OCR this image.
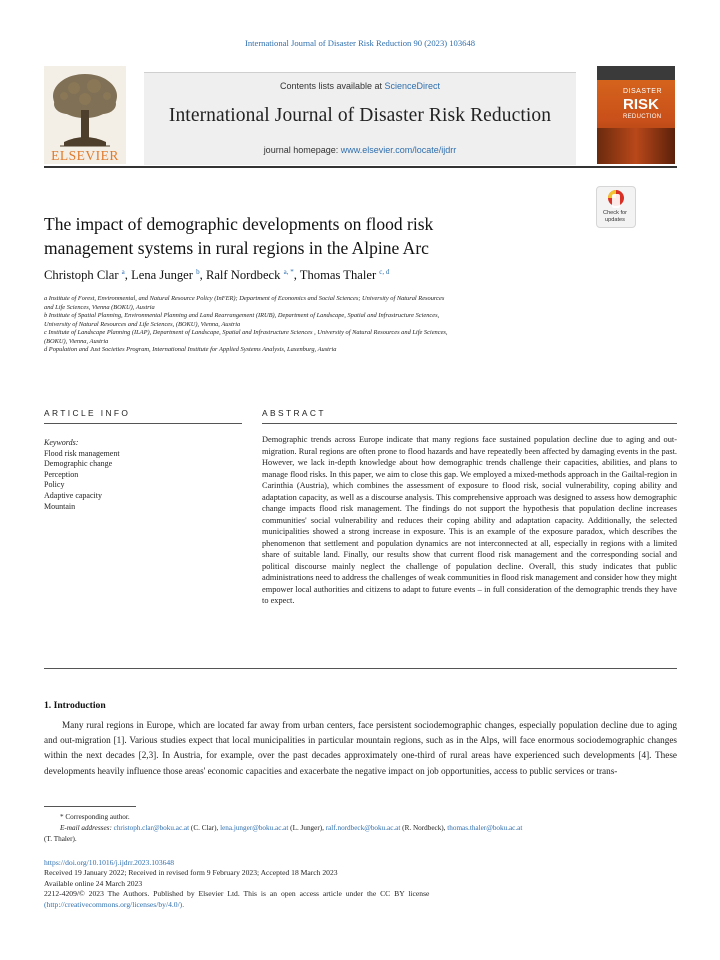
International Journal of Disaster Risk Reduction 90 (2023) 103648
ELSEVIER
Contents lists available at ScienceDirect
International Journal of Disaster Risk Reduction
journal homepage: www.elsevier.com/locate/ijdrr
DISASTER
RISK
REDUCTION
The impact of demographic developments on flood risk
management systems in rural regions in the Alpine Arc
Check for
updates
Christoph Clar $^a$, Lena Junger $^b$, Ralf Nordbeck $^{a, *}$, Thomas Thaler $^{c, d}$

a Institute of Forest, Environmental, and Natural Resource Policy (InFER); Department of Economics and Social Sciences; University of Natural Resources

and Life Sciences, Vienna (BOKU), Austria

b Institute of Spatial Planning, Environmental Planning and Land Rearrangement (IRUB), Department of Landscape, Spatial and Infrastructure Sciences,

University of Natural Resources and Life Sciences, (BOKU), Vienna, Austria

c Institute of Landscape Planning (ILAP), Department of Landscape, Spatial and Infrastructure Sciences , University of Natural Resources and Life Sciences,

(BOKU), Vienna, Austria

d Population and Just Societies Program, International Institute for Applied Systems Analysis, Laxenburg, Austria

ARTICLE INFO	ABSTRACT
Keywords:
Flood risk management
Demographic change
Perception
Policy
Adaptive capacity
Mountain
Demographic trends across Europe indicate that many regions face sustained population decline due to aging and out-migration. Rural regions are often prone to flood hazards and have repeatedly been affected by damaging events in the past. However, we lack in-depth knowledge about how demographic trends challenge their capacities, abilities, and plans to manage flood risks. In this paper, we aim to close this gap. We employed a mixed-methods approach in the Gailtal-region in Carinthia (Austria), which combines the assessment of exposure to flood risk, social vulnerability, coping ability and adaptation capacity, as well as a discourse analysis. This comprehensive approach was designed to assess how demographic change impacts flood risk management. The findings do not support the hypothesis that population decline increases communities' social vulnerability and reduces their coping ability and adaptation capacity. Additionally, the selected municipalities showed a strong increase in exposure. This is an example of the exposure paradox, which describes the phenomenon that settlement and population dynamics are not interconnected at all, especially in regions with a limited share of suitable land. Finally, our results show that current flood risk management and the corresponding social and political discourse mainly neglect the challenge of population decline. Overall, this study indicates that public administrations need to address the challenges of weak communities in flood risk management and consider how they might empower local authorities and citizens to adapt to future events – in full consideration of the demographic trends they have to expect.
1. Introduction
Many rural regions in Europe, which are located far away from urban centers, face persistent sociodemographic changes, especially population decline due to aging and out-migration [1]. Various studies expect that local municipalities in particular mountain regions, such as in the Alps, will face enormous sociodemographic changes within the next decades [2,3]. In Austria, for example, over the past decades approximately one-third of rural areas have experienced such developments [4]. These developments heavily influence those areas' economic capacities and exacerbate the negative impact on job opportunities, access to public services or trans-
* Corresponding author.
E-mail addresses: christoph.clar@boku.ac.at (C. Clar), lena.junger@boku.ac.at (L. Junger), ralf.nordbeck@boku.ac.at (R. Nordbeck), thomas.thaler@boku.ac.at
(T. Thaler).

https://doi.org/10.1016/j.ijdrr.2023.103648

Received 19 January 2022; Received in revised form 9 February 2023; Accepted 18 March 2023

Available online 24 March 2023

2212-4209/© 2023 The Authors. Published by Elsevier Ltd. This is an open access article under the CC BY license

(http://creativecommons.org/licenses/by/4.0/).
